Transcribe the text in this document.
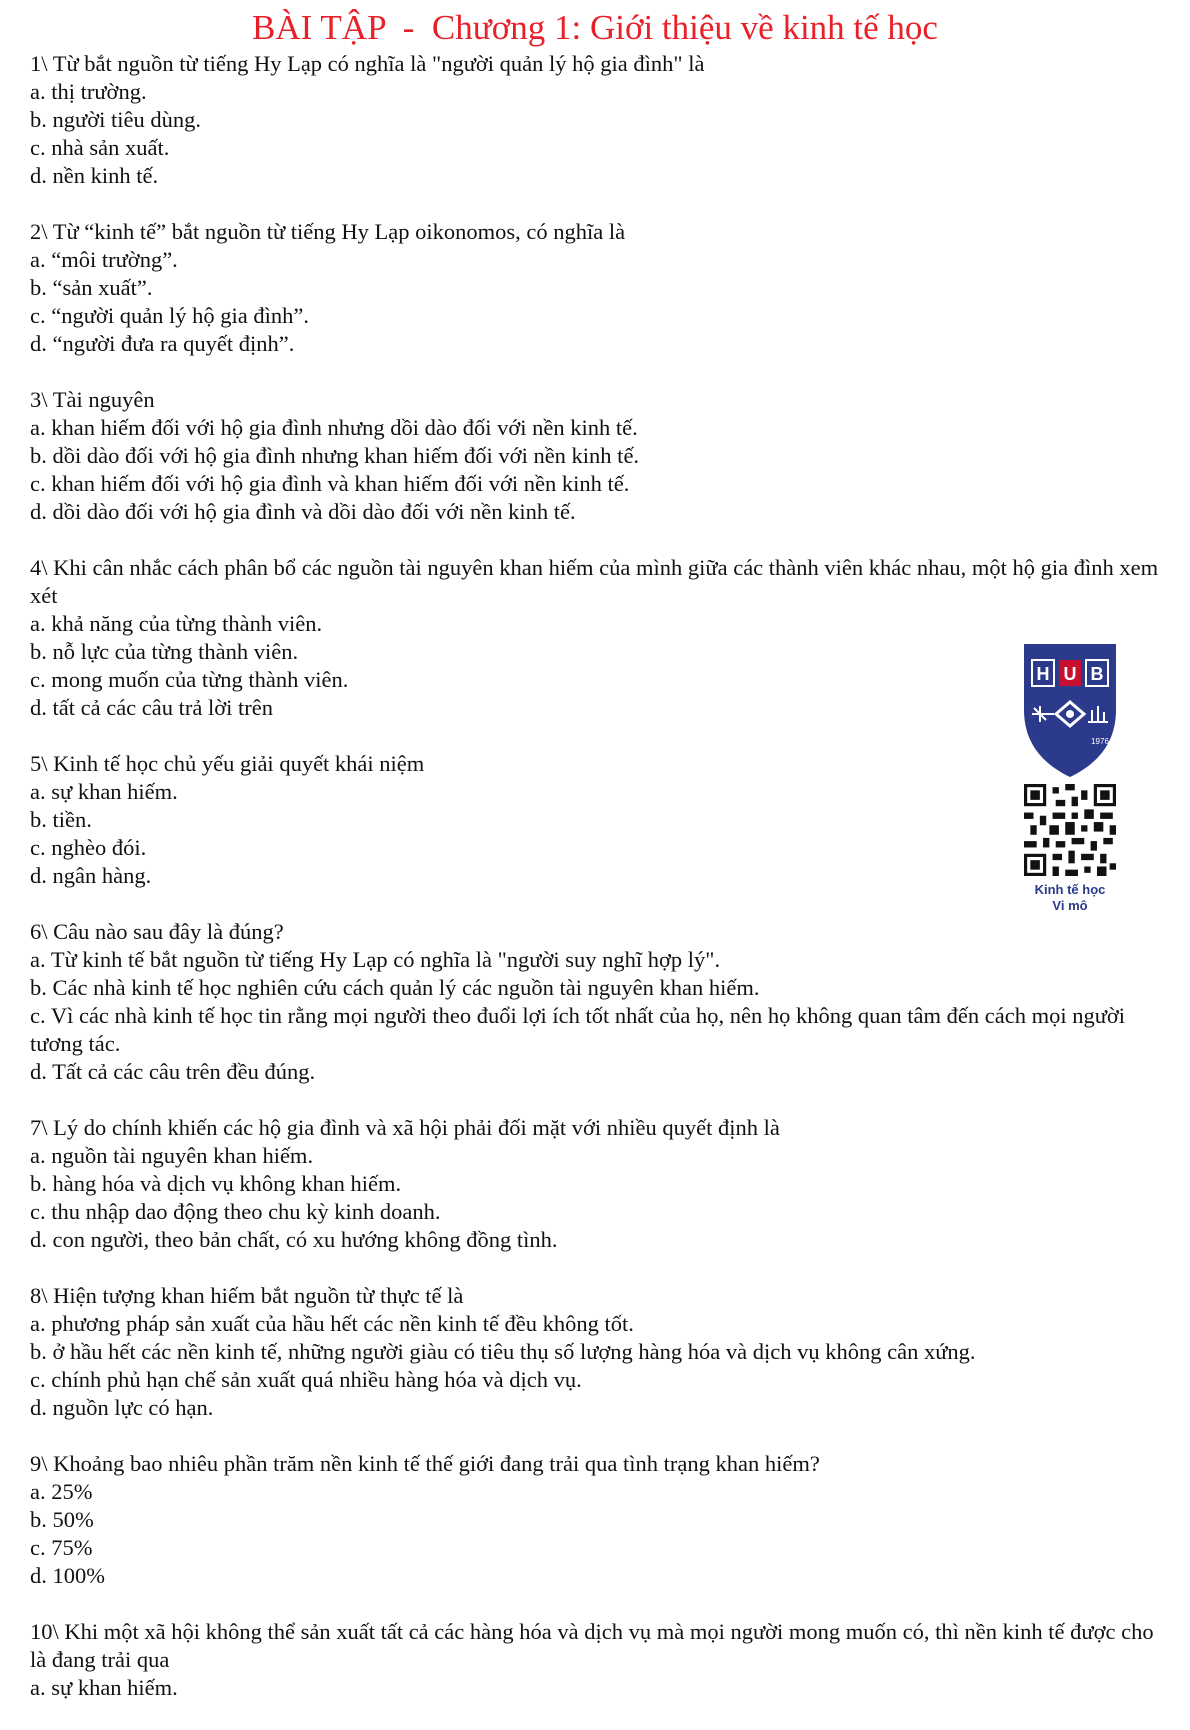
BÀI TẬP  -  Chương 1: Giới thiệu về kinh tế học

1\ Từ bắt nguồn từ tiếng Hy Lạp có nghĩa là "người quản lý hộ gia đình" là

a. thị trường.

b. người tiêu dùng.

c. nhà sản xuất.

d. nền kinh tế.

2\ Từ “kinh tế” bắt nguồn từ tiếng Hy Lạp oikonomos, có nghĩa là

a. “môi trường”.

b. “sản xuất”.

c. “người quản lý hộ gia đình”.

d. “người đưa ra quyết định”.

3\ Tài nguyên

a. khan hiếm đối với hộ gia đình nhưng dồi dào đối với nền kinh tế.

b. dồi dào đối với hộ gia đình nhưng khan hiếm đối với nền kinh tế.

c. khan hiếm đối với hộ gia đình và khan hiếm đối với nền kinh tế.

d. dồi dào đối với hộ gia đình và dồi dào đối với nền kinh tế.

4\ Khi cân nhắc cách phân bổ các nguồn tài nguyên khan hiếm của mình giữa các thành viên khác nhau, một hộ gia đình xem xét

a. khả năng của từng thành viên.

b. nỗ lực của từng thành viên.

c. mong muốn của từng thành viên.

d. tất cả các câu trả lời trên

5\ Kinh tế học chủ yếu giải quyết khái niệm

a. sự khan hiếm.

b. tiền.

c. nghèo đói.

d. ngân hàng.

6\ Câu nào sau đây là đúng?

a. Từ kinh tế bắt nguồn từ tiếng Hy Lạp có nghĩa là "người suy nghĩ hợp lý".

b. Các nhà kinh tế học nghiên cứu cách quản lý các nguồn tài nguyên khan hiếm.

c. Vì các nhà kinh tế học tin rằng mọi người theo đuổi lợi ích tốt nhất của họ, nên họ không quan tâm đến cách mọi người tương tác.

d. Tất cả các câu trên đều đúng.

7\ Lý do chính khiến các hộ gia đình và xã hội phải đối mặt với nhiều quyết định là

a. nguồn tài nguyên khan hiếm.

b. hàng hóa và dịch vụ không khan hiếm.

c. thu nhập dao động theo chu kỳ kinh doanh.

d. con người, theo bản chất, có xu hướng không đồng tình.

8\ Hiện tượng khan hiếm bắt nguồn từ thực tế là

a. phương pháp sản xuất của hầu hết các nền kinh tế đều không tốt.

b. ở hầu hết các nền kinh tế, những người giàu có tiêu thụ số lượng hàng hóa và dịch vụ không cân xứng.

c. chính phủ hạn chế sản xuất quá nhiều hàng hóa và dịch vụ.

d. nguồn lực có hạn.

9\ Khoảng bao nhiêu phần trăm nền kinh tế thế giới đang trải qua tình trạng khan hiếm?

a. 25%

b. 50%

c. 75%

d. 100%

10\ Khi một xã hội không thể sản xuất tất cả các hàng hóa và dịch vụ mà mọi người mong muốn có, thì nền kinh tế được cho là đang trải qua

a. sự khan hiếm.

H U B
1976
Kinh tế học
Vi mô
